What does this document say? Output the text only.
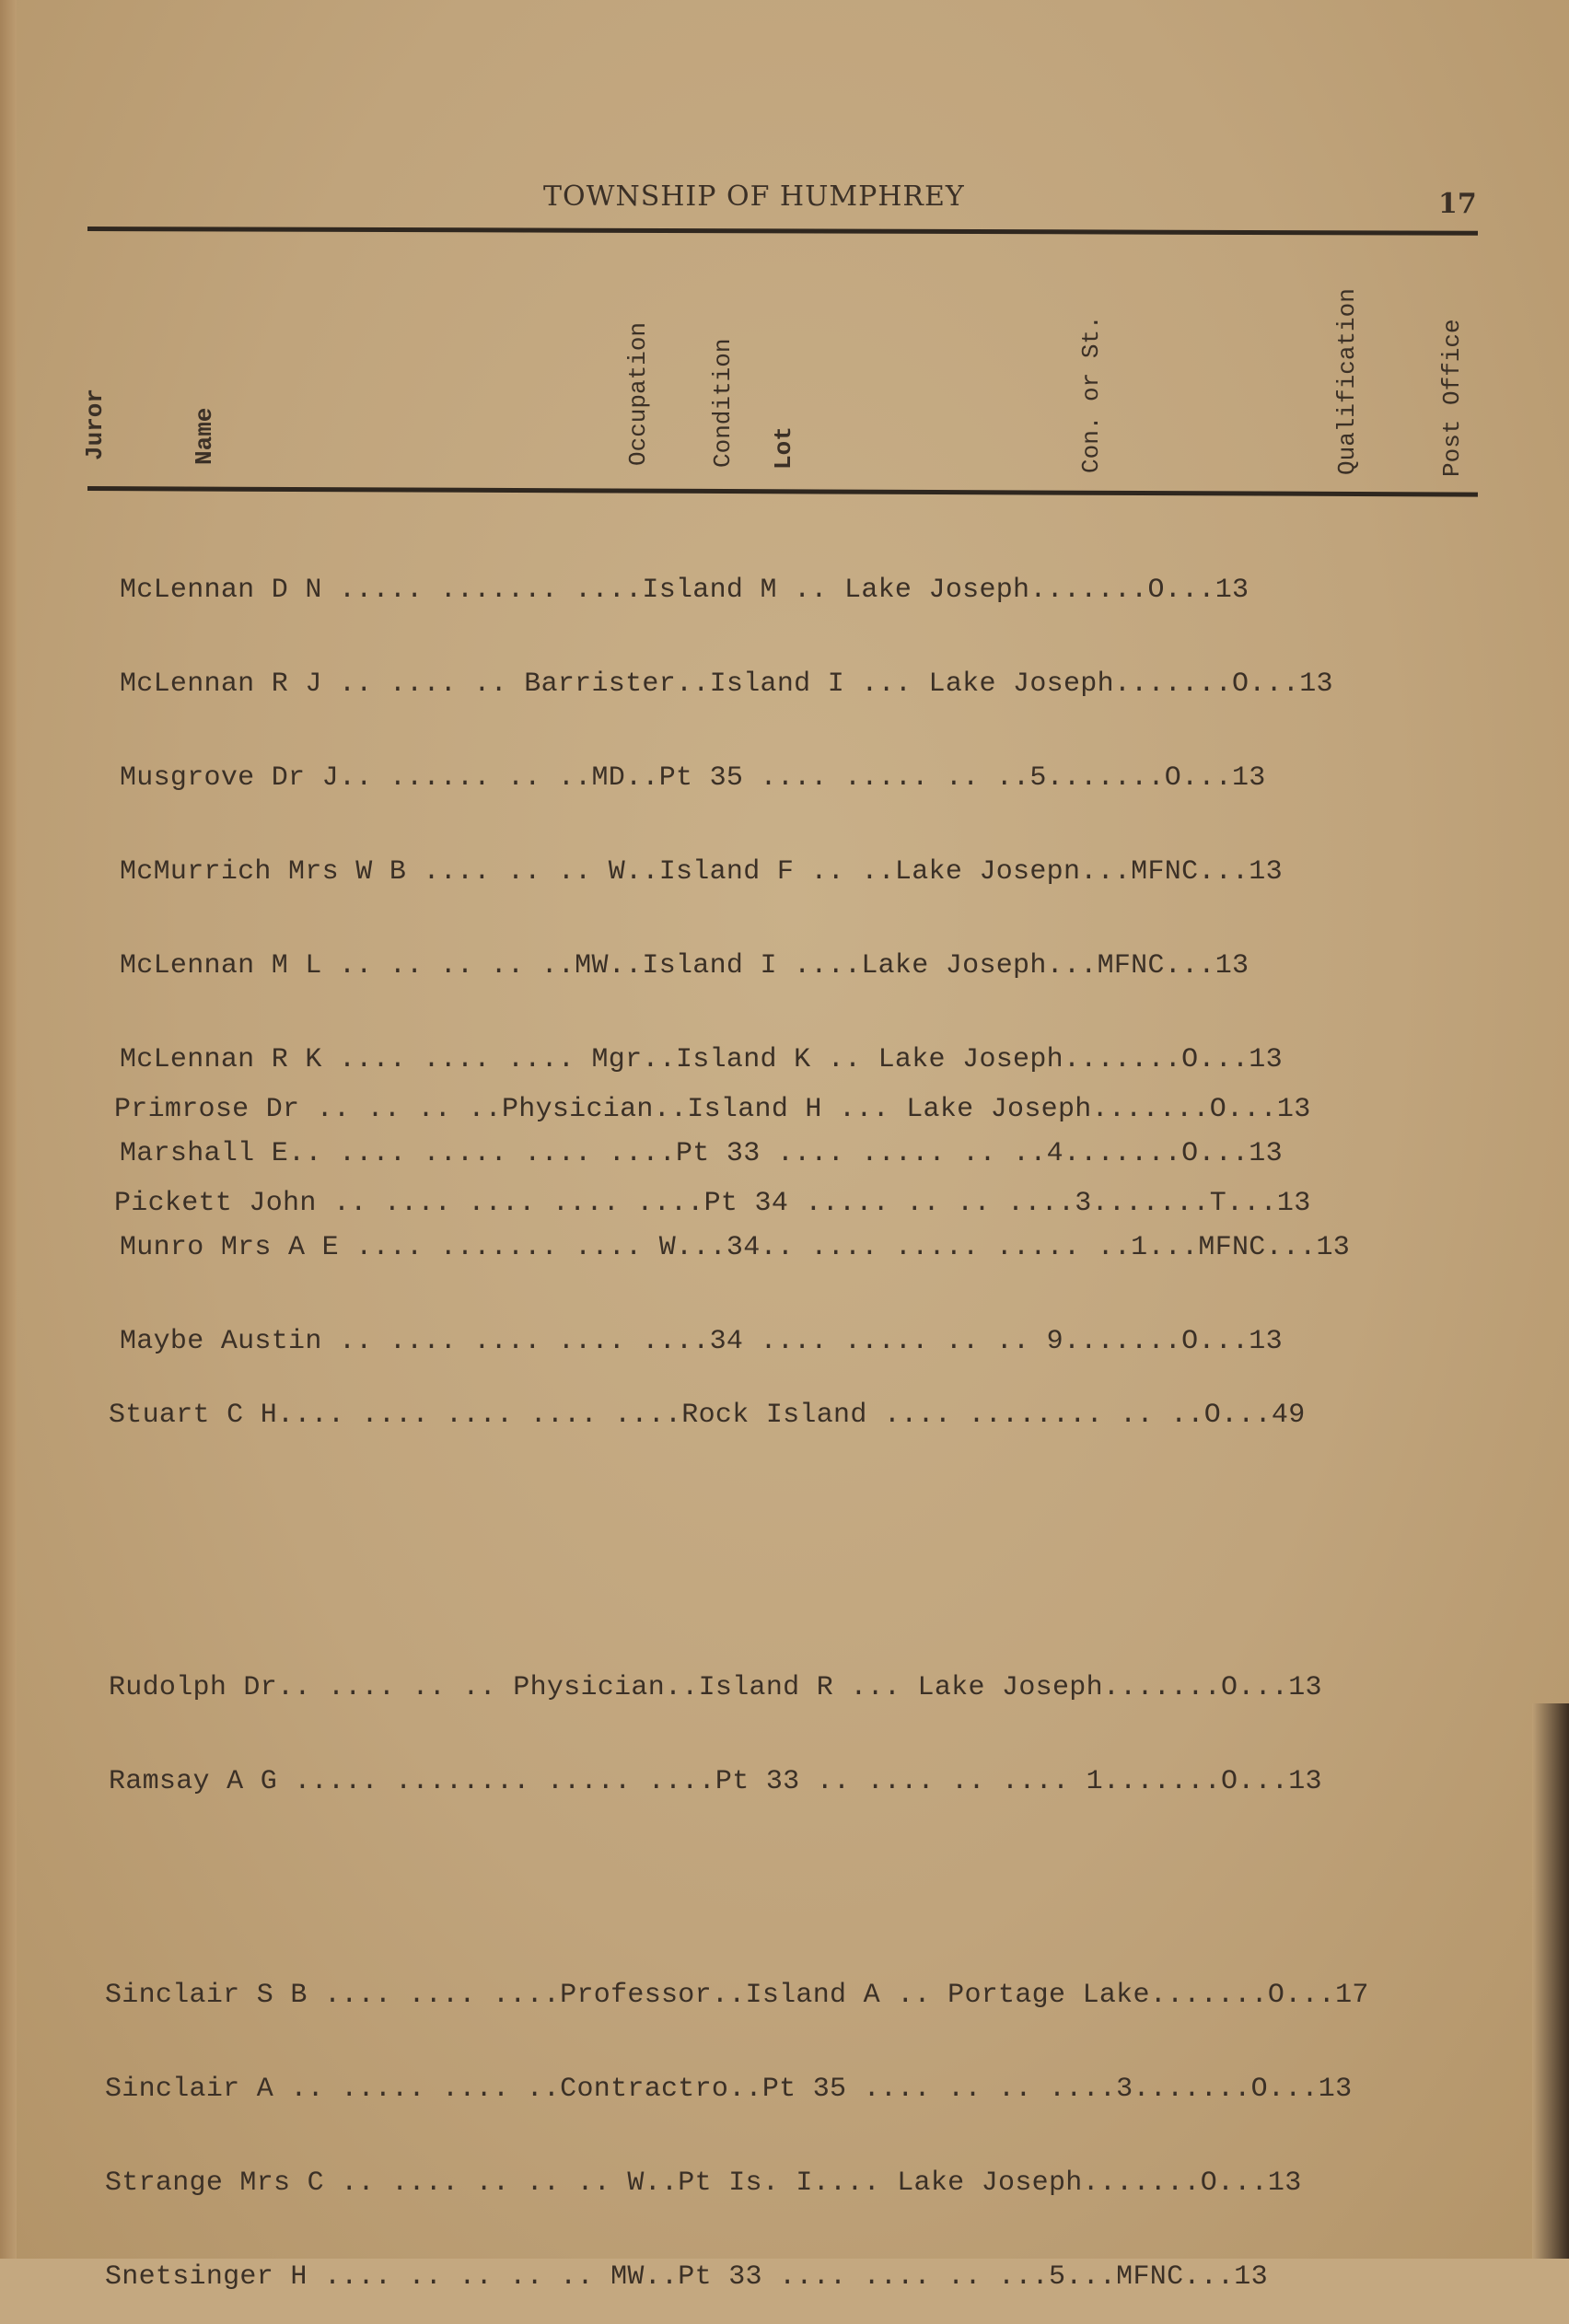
TOWNSHIP OF HUMPHREY	17
Juror	Name	Occupation Condition Lot	Con. or St.	Qualification	Post Office

McLennan D N ..... ....... ....Island M .. Lake Joseph.......O...13

McLennan R J .. .... .. Barrister..Island I ... Lake Joseph.......O...13

Musgrove Dr J.. ...... .. ..MD..Pt 35 .... ..... .. ..5.......O...13

McMurrich Mrs W B .... .. .. W..Island F .. ..Lake Josepn...MFNC...13

McLennan M L .. .. .. .. ..MW..Island I ....Lake Joseph...MFNC...13

McLennan R K .... .... .... Mgr..Island K .. Lake Joseph.......O...13

Marshall E.. .... ..... .... ....Pt 33 .... ..... .. ..4.......O...13

Munro Mrs A E .... ....... .... W...34.. .... ..... ..... ..1...MFNC...13

Maybe Austin .. .... .... .... ....34 .... ..... .. .. 9.......O...13

Primrose Dr .. .. .. ..Physician..Island H ... Lake Joseph.......O...13

Pickett John .. .... .... .... ....Pt 34 ..... .. .. ....3.......T...13

Stuart C H.... .... .... .... ....Rock Island .... ........ .. ..O...49

Rudolph Dr.. .... .. .. Physician..Island R ... Lake Joseph.......O...13

Ramsay A G ..... ........ ..... ....Pt 33 .. .... .. .... 1.......O...13

Sinclair S B .... .... ....Professor..Island A .. Portage Lake.......O...17

Sinclair A .. ..... .... ..Contractro..Pt 35 .... .. .. ....3.......O...13

Strange Mrs C .. .... .. .. .. W..Pt Is. I.... Lake Joseph.......O...13

Snetsinger H .... .. .. .. .. MW..Pt 33 .... .... .. ...5...MFNC...13
